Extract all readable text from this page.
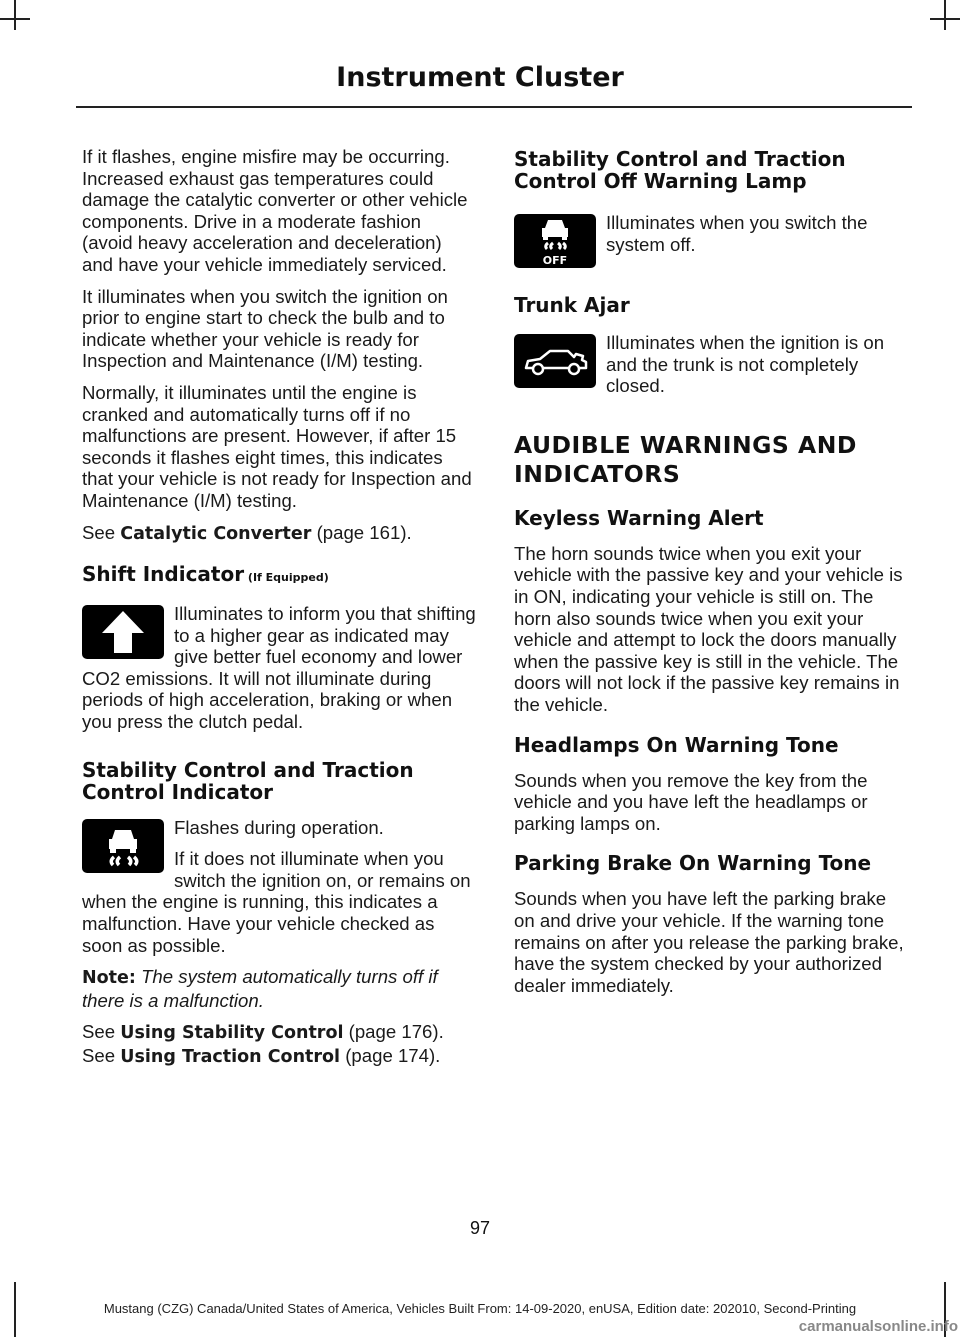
Instrument Cluster

If it flashes, engine misfire may be occurring. Increased exhaust gas temperatures could damage the catalytic converter or other vehicle components. Drive in a moderate fashion (avoid heavy acceleration and deceleration) and have your vehicle immediately serviced.

It illuminates when you switch the ignition on prior to engine start to check the bulb and to indicate whether your vehicle is ready for Inspection and Maintenance (I/M) testing.

Normally, it illuminates until the engine is cranked and automatically turns off if no malfunctions are present. However, if after 15 seconds it flashes eight times, this indicates that your vehicle is not ready for Inspection and Maintenance (I/M) testing.

See Catalytic Converter (page 161).

Shift Indicator (If Equipped)
Illuminates to inform you that shifting to a higher gear as indicated may give better fuel economy and lower CO2 emissions. It will not illuminate during periods of high acceleration, braking or when you press the clutch pedal.
Stability Control and Traction Control Indicator

Flashes during operation.

If it does not illuminate when you switch the ignition on, or remains on when the engine is running, this indicates a malfunction. Have your vehicle checked as soon as possible.

Note: The system automatically turns off if there is a malfunction.

See Using Stability Control (page 176).

See Using Traction Control (page 174).

Stability Control and Traction Control Off Warning Lamp
OFF
Illuminates when you switch the system off.
Trunk Ajar
Illuminates when the ignition is on and the trunk is not completely closed.
AUDIBLE WARNINGS AND INDICATORS
Keyless Warning Alert

The horn sounds twice when you exit your vehicle with the passive key and your vehicle is in ON, indicating your vehicle is still on. The horn also sounds twice when you exit your vehicle and attempt to lock the doors manually when the passive key is still in the vehicle. The doors will not lock if the passive key remains in the vehicle.

Headlamps On Warning Tone

Sounds when you remove the key from the vehicle and you have left the headlamps or parking lamps on.

Parking Brake On Warning Tone

Sounds when you have left the parking brake on and drive your vehicle. If the warning tone remains on after you release the parking brake, have the system checked by your authorized dealer immediately.

97
Mustang (CZG) Canada/United States of America, Vehicles Built From: 14-09-2020, enUSA, Edition date: 202010, Second-Printing
carmanualsonline.info
